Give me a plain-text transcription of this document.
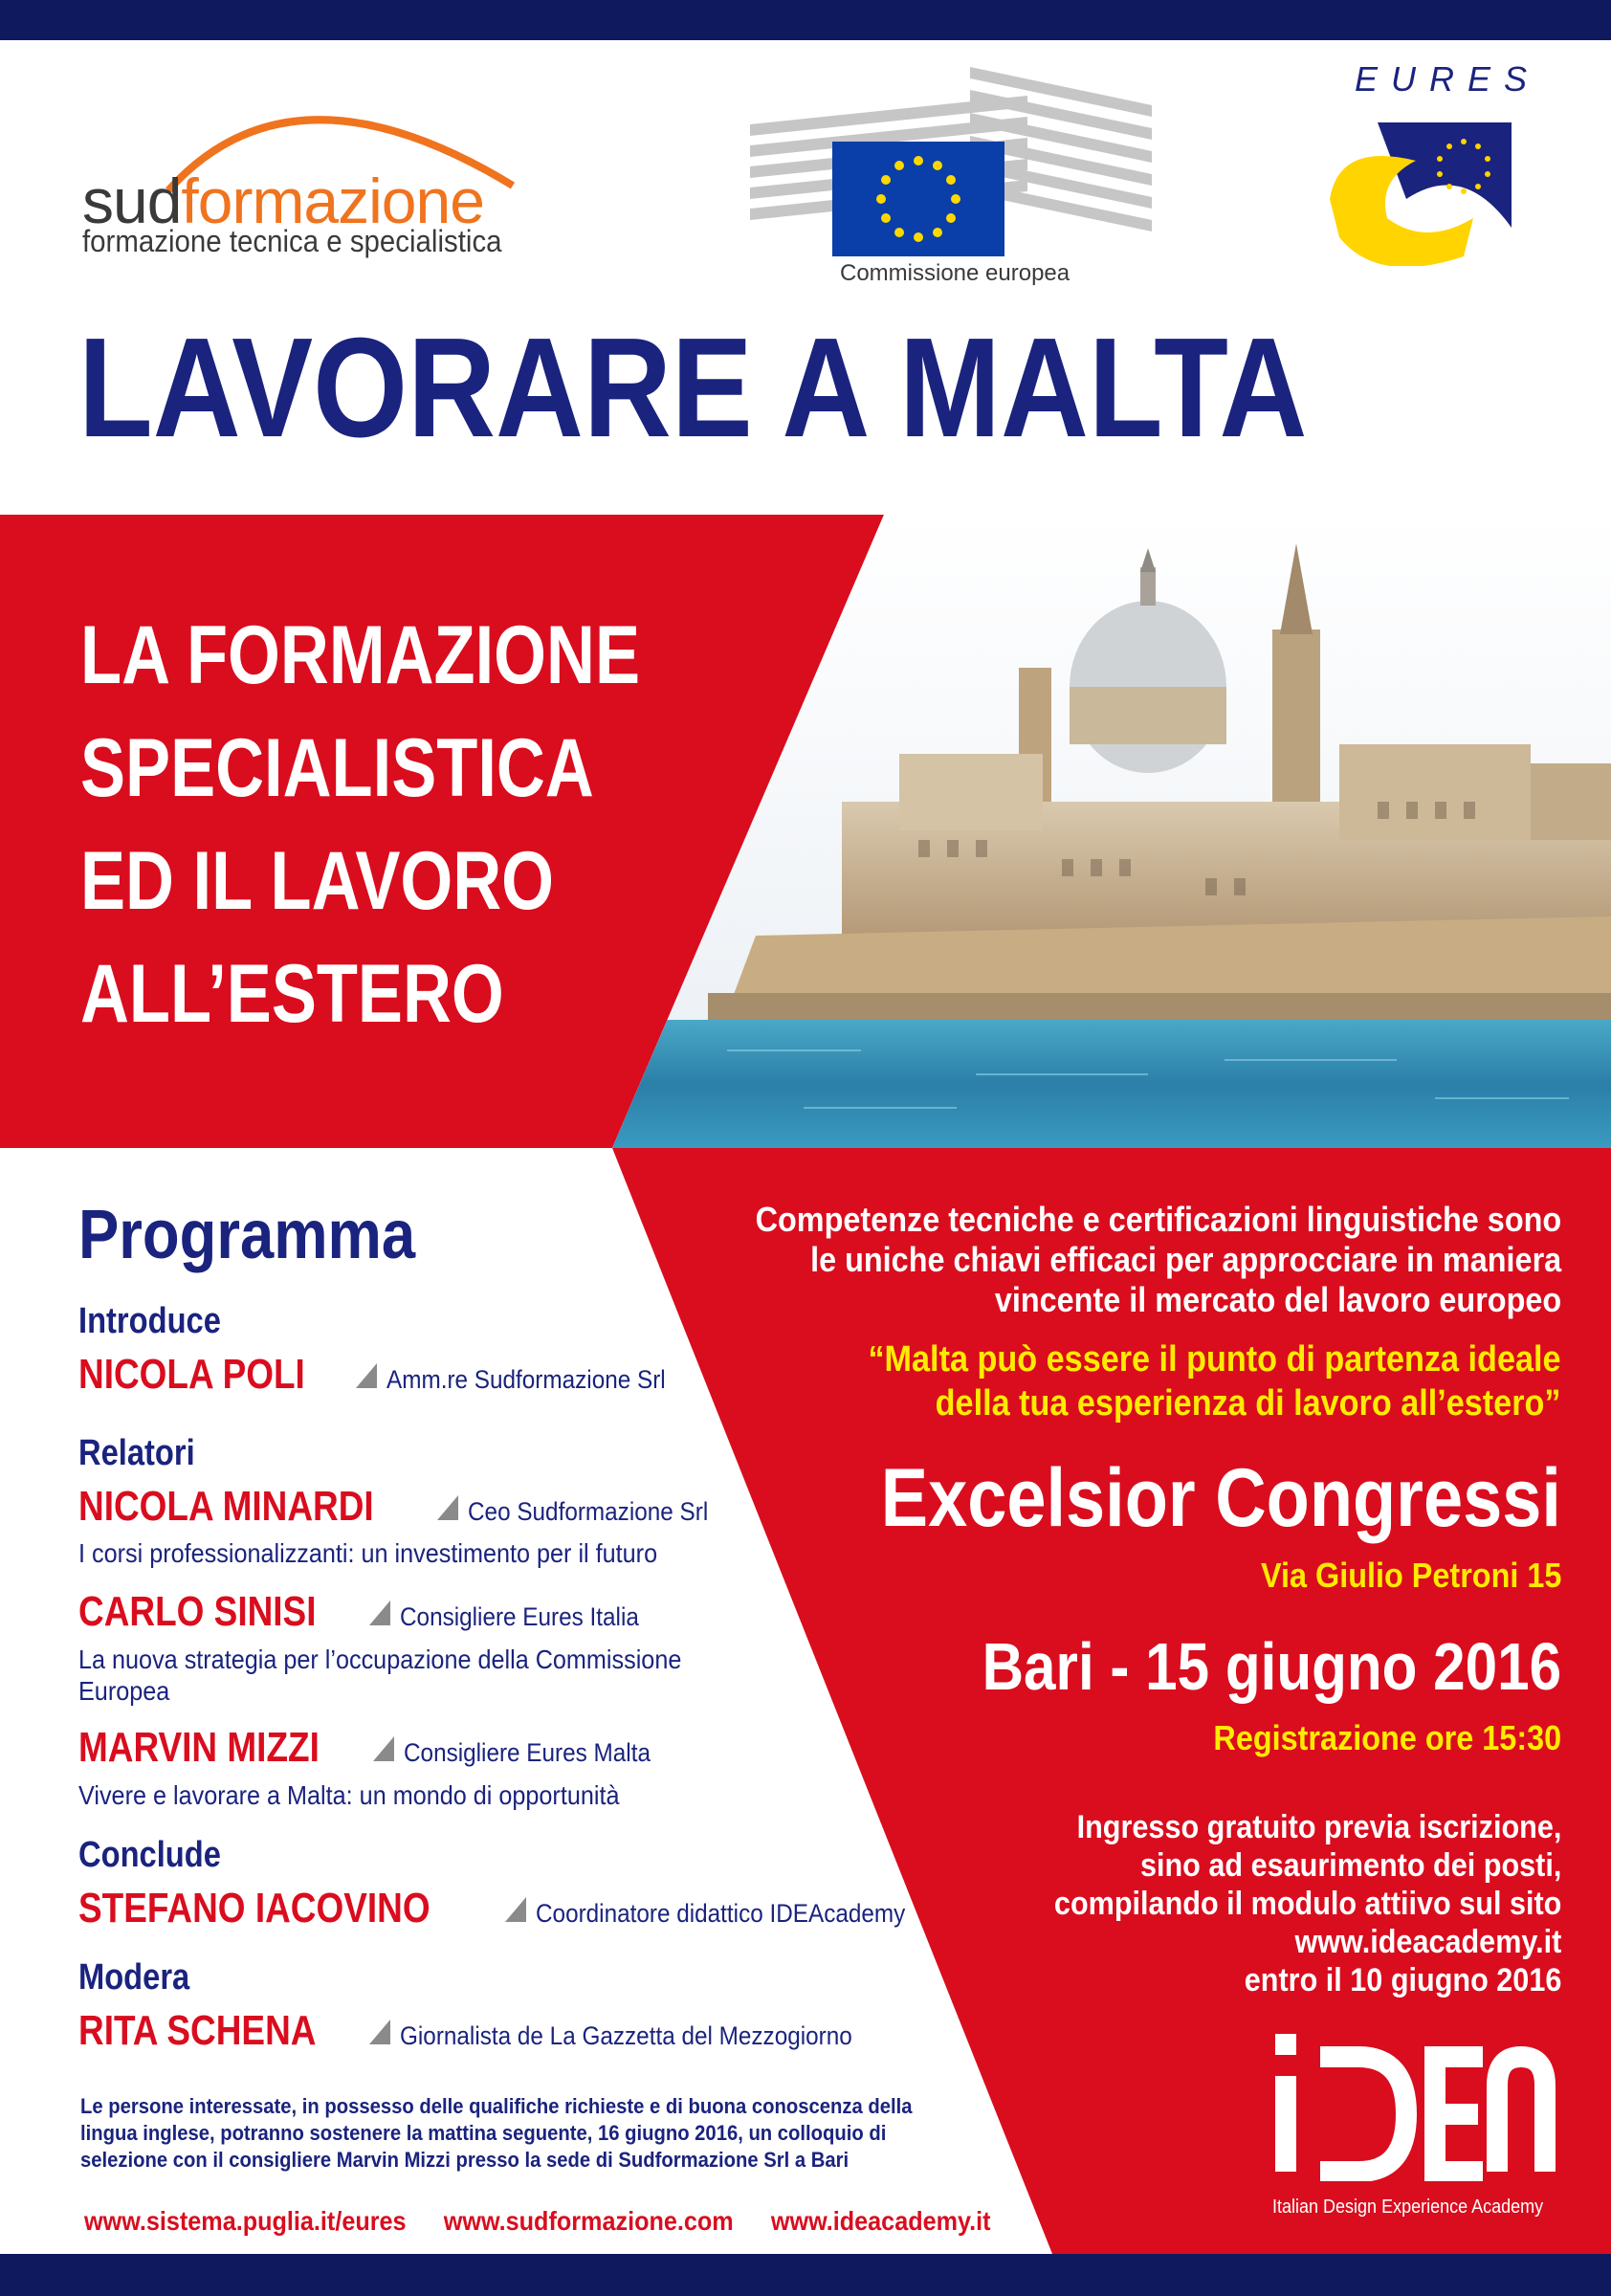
sudformazione
formazione tecnica e specialistica
Commissione europea
EURES
LAVORARE A MALTA
LA FORMAZIONE
SPECIALISTICA
ED IL LAVORO
ALL’ESTERO
Programma
Introduce
NICOLA POLI	Amm.re Sudformazione Srl
Relatori
NICOLA MINARDI	Ceo Sudformazione Srl
I corsi professionalizzanti: un investimento per il futuro
CARLO SINISI	Consigliere Eures Italia
La nuova strategia per l’occupazione della Commissione
Europea
MARVIN MIZZI	Consigliere Eures Malta
Vivere e lavorare a Malta: un mondo di opportunità
Conclude
STEFANO IACOVINO	Coordinatore didattico IDEAcademy
Modera
RITA SCHENA	Giornalista de La Gazzetta del Mezzogiorno
Le persone interessate, in possesso delle qualifiche richieste e di buona conoscenza della
lingua inglese, potranno sostenere la mattina seguente, 16 giugno 2016, un colloquio di
selezione con il consigliere Marvin Mizzi presso la sede di Sudformazione Srl a Bari
www.sistema.puglia.it/eures www.sudformazione.com www.ideacademy.it
Competenze tecniche e certificazioni linguistiche sono
le uniche chiavi efficaci per approcciare in maniera
vincente il mercato del lavoro europeo
“Malta può essere il punto di partenza ideale
della tua esperienza di lavoro all’estero”
Excelsior Congressi
Via Giulio Petroni 15
Bari - 15 giugno 2016
Registrazione ore 15:30
Ingresso gratuito previa iscrizione,
sino ad esaurimento dei posti,
compilando il modulo attiivo sul sito
www.ideacademy.it
entro il 10 giugno 2016
Italian Design Experience Academy
